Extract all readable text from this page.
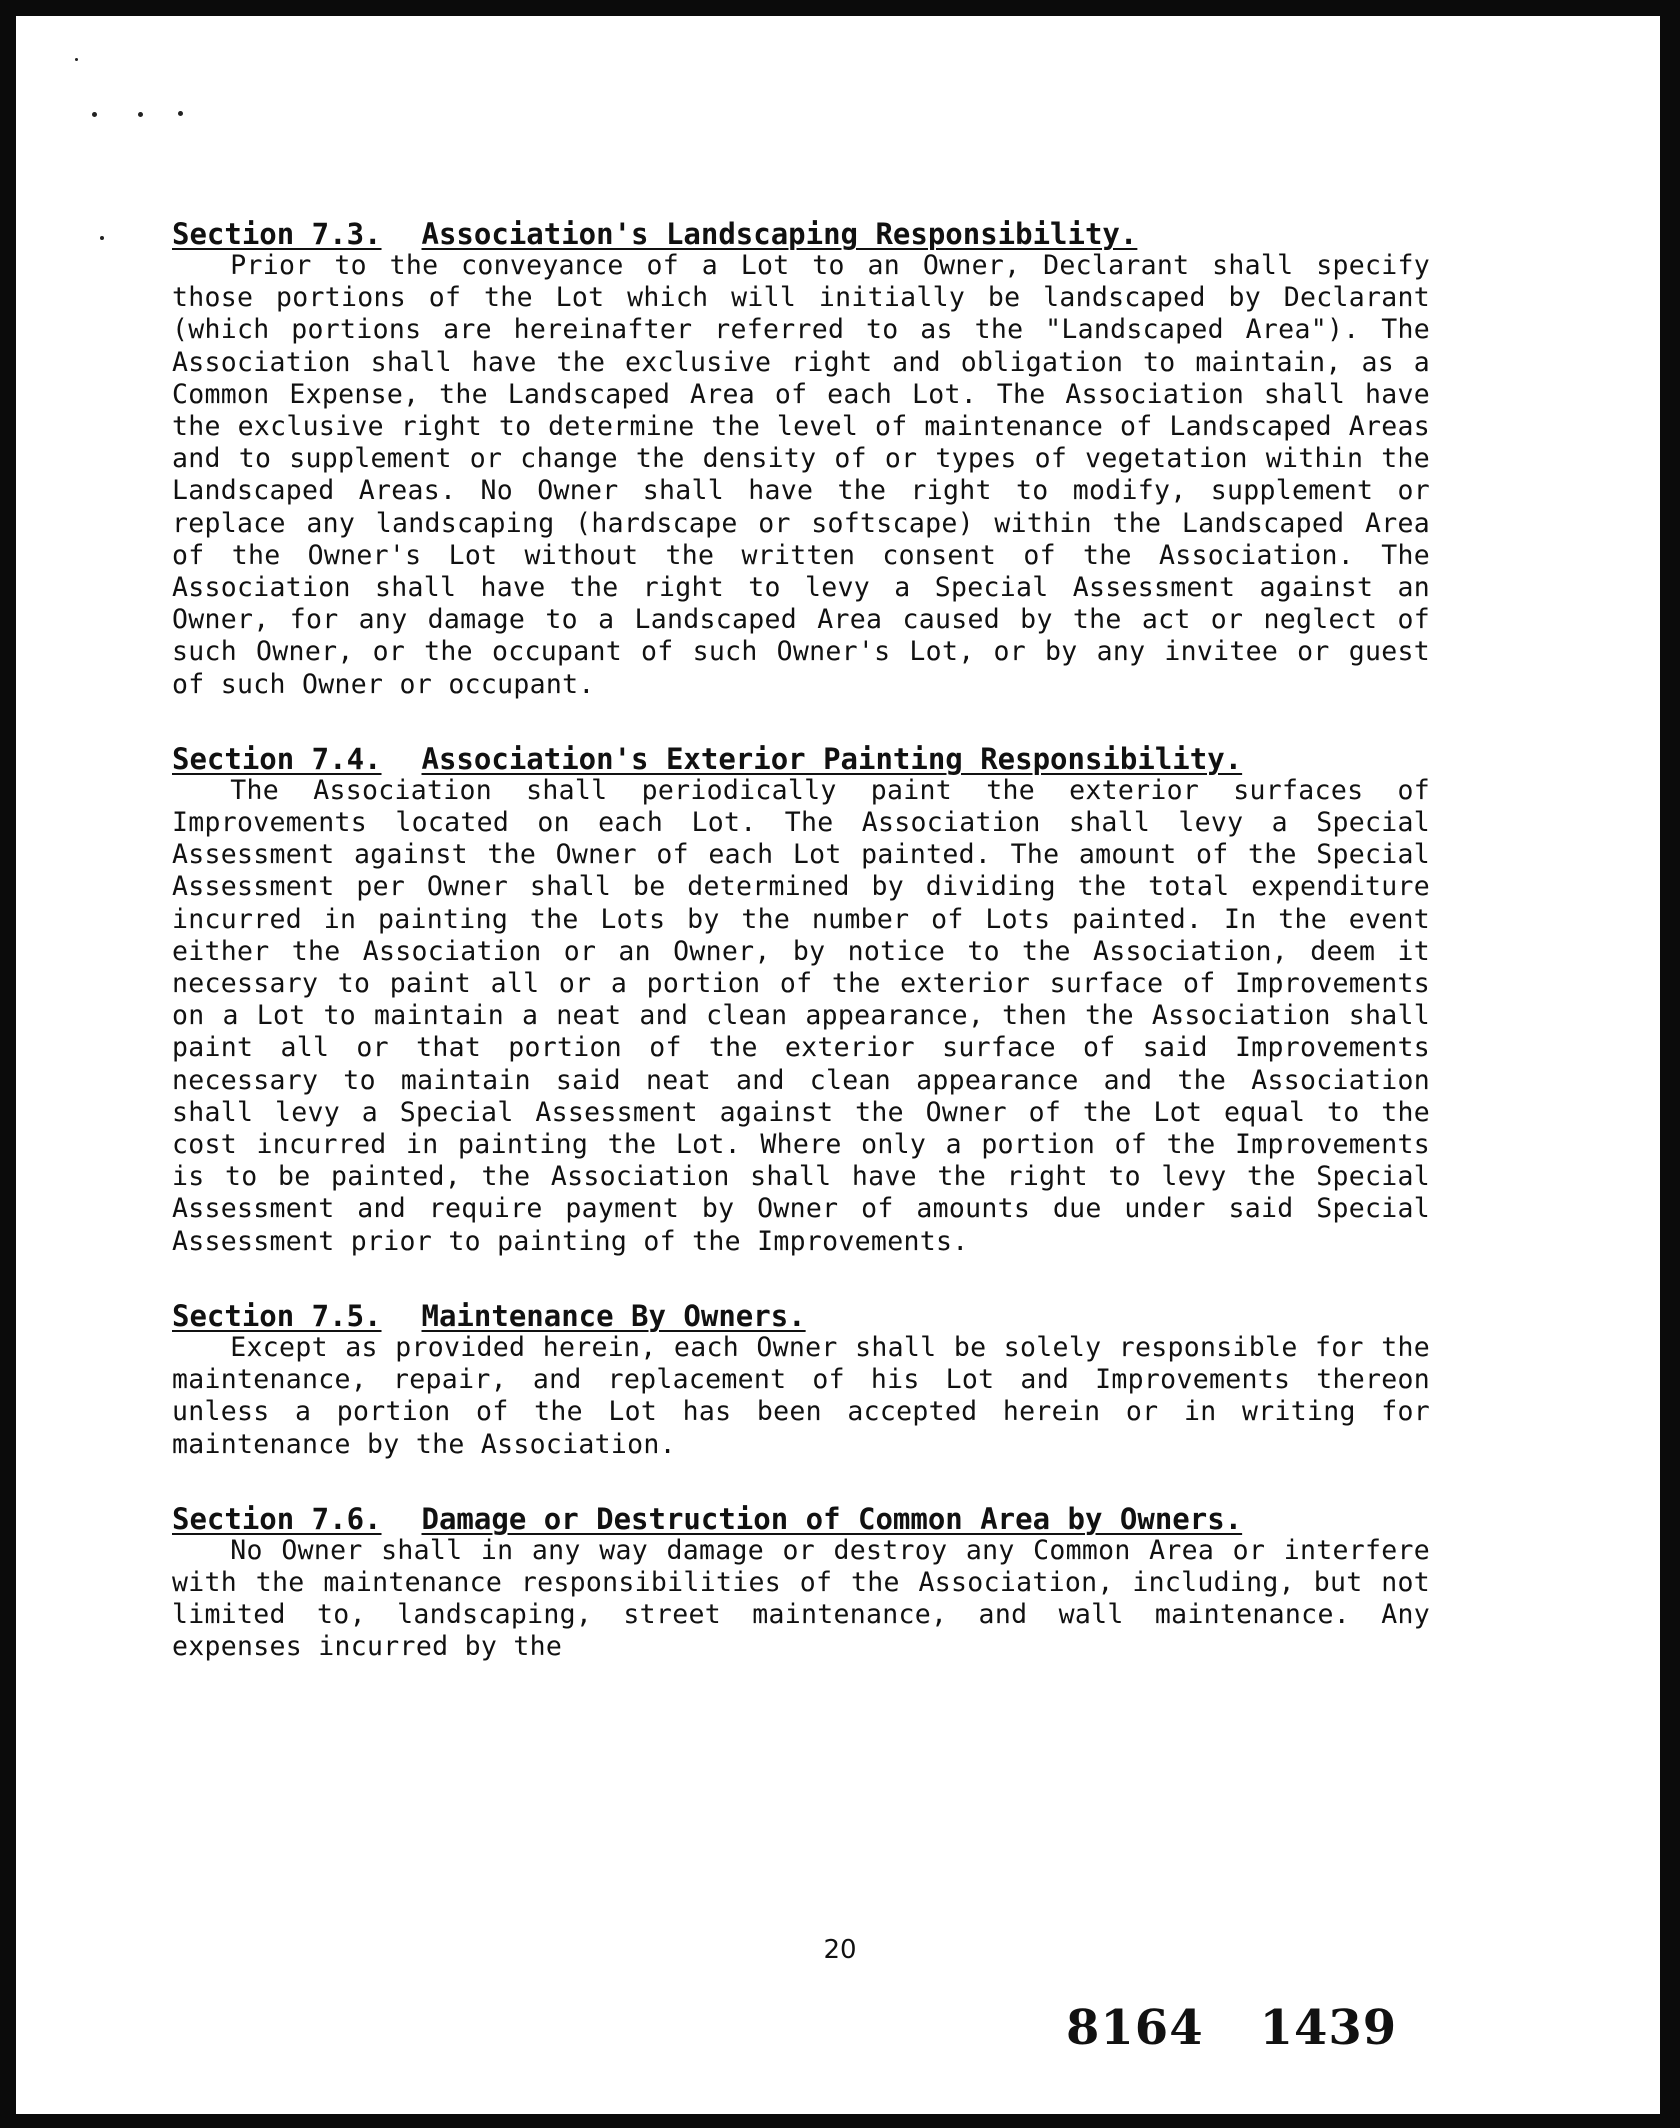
Section 7.3. Association's Landscaping Responsibility.

Prior to the conveyance of a Lot to an Owner, Declarant shall specify those portions of the Lot which will initially be landscaped by Declarant (which portions are hereinafter referred to as the "Landscaped Area"). The Association shall have the exclusive right and obligation to maintain, as a Common Expense, the Landscaped Area of each Lot. The Association shall have the exclusive right to determine the level of maintenance of Landscaped Areas and to supplement or change the density of or types of vegetation within the Landscaped Areas. No Owner shall have the right to modify, supplement or replace any landscaping (hardscape or softscape) within the Landscaped Area of the Owner's Lot without the written consent of the Association. The Association shall have the right to levy a Special Assessment against an Owner, for any damage to a Landscaped Area caused by the act or neglect of such Owner, or the occupant of such Owner's Lot, or by any invitee or guest of such Owner or occupant.

Section 7.4. Association's Exterior Painting Responsibility.

The Association shall periodically paint the exterior surfaces of Improvements located on each Lot. The Association shall levy a Special Assessment against the Owner of each Lot painted. The amount of the Special Assessment per Owner shall be determined by dividing the total expenditure incurred in painting the Lots by the number of Lots painted. In the event either the Association or an Owner, by notice to the Association, deem it necessary to paint all or a portion of the exterior surface of Improvements on a Lot to maintain a neat and clean appearance, then the Association shall paint all or that portion of the exterior surface of said Improvements necessary to maintain said neat and clean appearance and the Association shall levy a Special Assessment against the Owner of the Lot equal to the cost incurred in painting the Lot. Where only a portion of the Improvements is to be painted, the Association shall have the right to levy the Special Assessment and require payment by Owner of amounts due under said Special Assessment prior to painting of the Improvements.

Section 7.5. Maintenance By Owners.

Except as provided herein, each Owner shall be solely responsible for the maintenance, repair, and replacement of his Lot and Improvements thereon unless a portion of the Lot has been accepted herein or in writing for maintenance by the Association.

Section 7.6. Damage or Destruction of Common Area by Owners.

No Owner shall in any way damage or destroy any Common Area or interfere with the maintenance responsibilities of the Association, including, but not limited to, landscaping, street maintenance, and wall maintenance. Any expenses incurred by the

20
8164 1439
